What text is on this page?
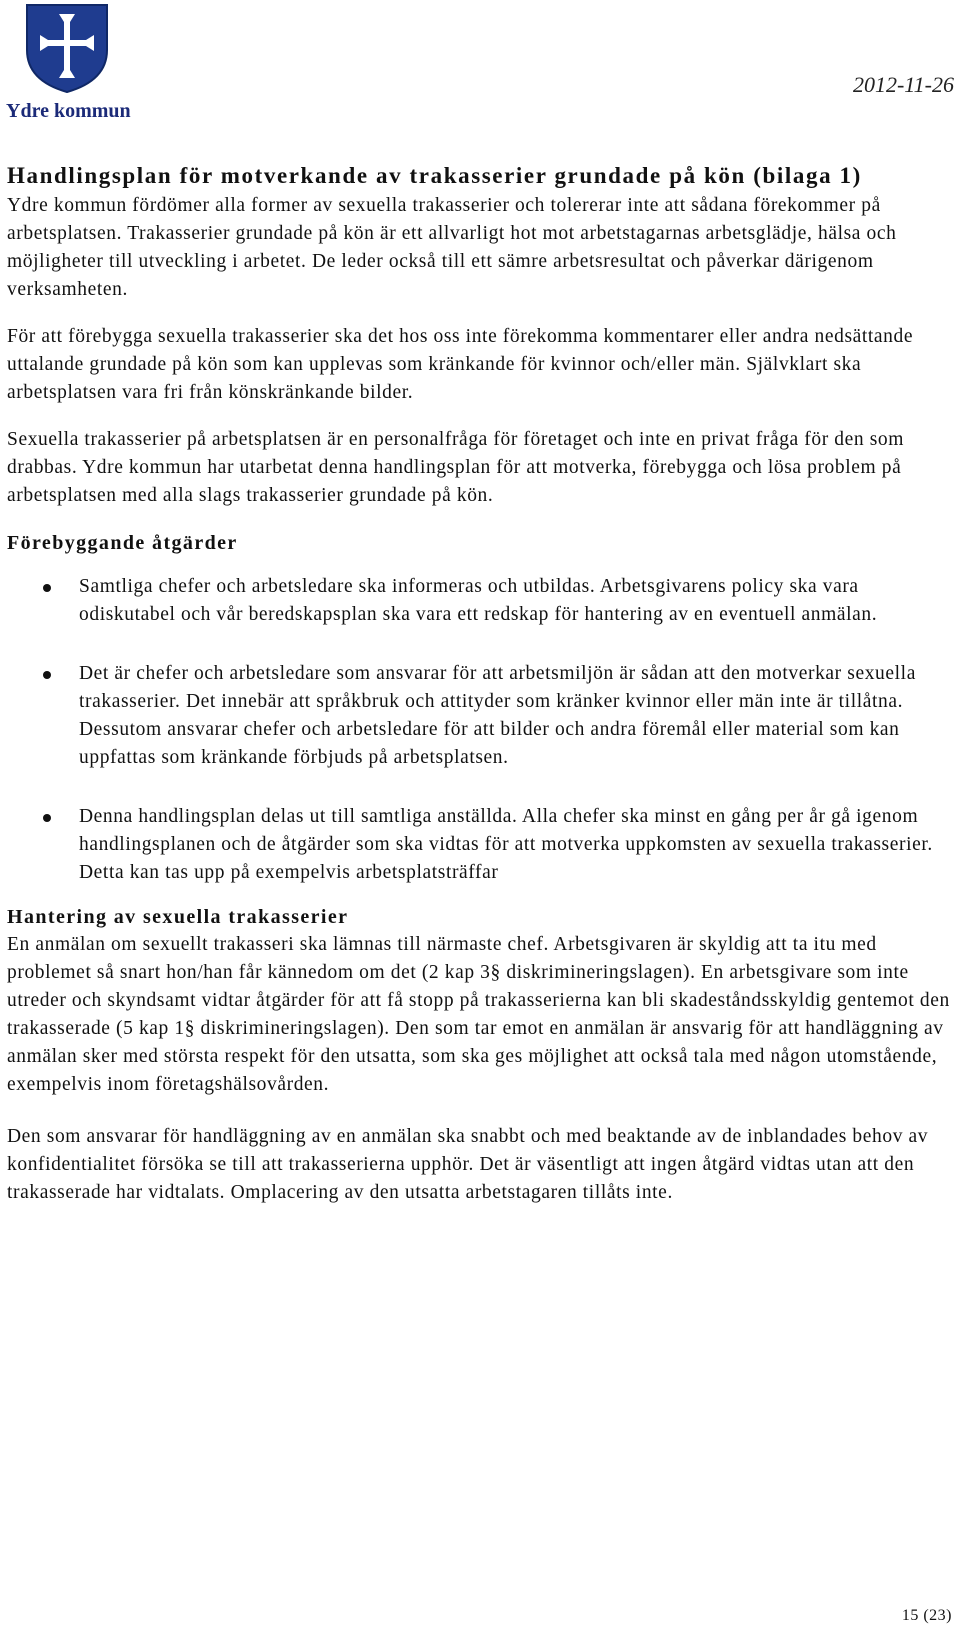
Ydre kommun
2012-11-26
Handlingsplan för motverkande av trakasserier grundade på kön (bilaga 1)

Ydre kommun fördömer alla former av sexuella trakasserier och tolererar inte att sådana förekommer på arbetsplatsen. Trakasserier grundade på kön är ett allvarligt hot mot arbetstagarnas arbetsglädje, hälsa och möjligheter till utveckling i arbetet. De leder också till ett sämre arbetsresultat och påverkar därigenom verksamheten.

För att förebygga sexuella trakasserier ska det hos oss inte förekomma kommentarer eller andra nedsättande uttalande grundade på kön som kan upplevas som kränkande för kvinnor och/eller män. Självklart ska arbetsplatsen vara fri från könskränkande bilder.

Sexuella trakasserier på arbetsplatsen är en personalfråga för företaget och inte en privat fråga för den som drabbas. Ydre kommun har utarbetat denna handlingsplan för att motverka, förebygga och lösa problem på arbetsplatsen med alla slags trakasserier grundade på kön.

Förebyggande åtgärder
Samtliga chefer och arbetsledare ska informeras och utbildas. Arbetsgivarens policy ska vara odiskutabel och vår beredskapsplan ska vara ett redskap för hantering av en eventuell anmälan.
Det är chefer och arbetsledare som ansvarar för att arbetsmiljön är sådan att den motverkar sexuella trakasserier. Det innebär att språkbruk och attityder som kränker kvinnor eller män inte är tillåtna. Dessutom ansvarar chefer och arbetsledare för att bilder och andra föremål eller material som kan uppfattas som kränkande förbjuds på arbetsplatsen.
Denna handlingsplan delas ut till samtliga anställda. Alla chefer ska minst en gång per år gå igenom handlingsplanen och de åtgärder som ska vidtas för att motverka uppkomsten av sexuella trakasserier. Detta kan tas upp på exempelvis arbetsplatsträffar
Hantering av sexuella trakasserier

En anmälan om sexuellt trakasseri ska lämnas till närmaste chef. Arbetsgivaren är skyldig att ta itu med problemet så snart hon/han får kännedom om det (2 kap 3§ diskrimineringslagen). En arbetsgivare som inte utreder och skyndsamt vidtar åtgärder för att få stopp på trakasserierna kan bli skadeståndsskyldig gentemot den trakasserade (5 kap 1§ diskrimineringslagen). Den som tar emot en anmälan är ansvarig för att handläggning av anmälan sker med största respekt för den utsatta, som ska ges möjlighet att också tala med någon utomstående, exempelvis inom företagshälsovården.

Den som ansvarar för handläggning av en anmälan ska snabbt och med beaktande av de inblandades behov av konfidentialitet försöka se till att trakasserierna upphör. Det är väsentligt att ingen åtgärd vidtas utan att den trakasserade har vidtalats. Omplacering av den utsatta arbetstagaren tillåts inte.

15 (23)
